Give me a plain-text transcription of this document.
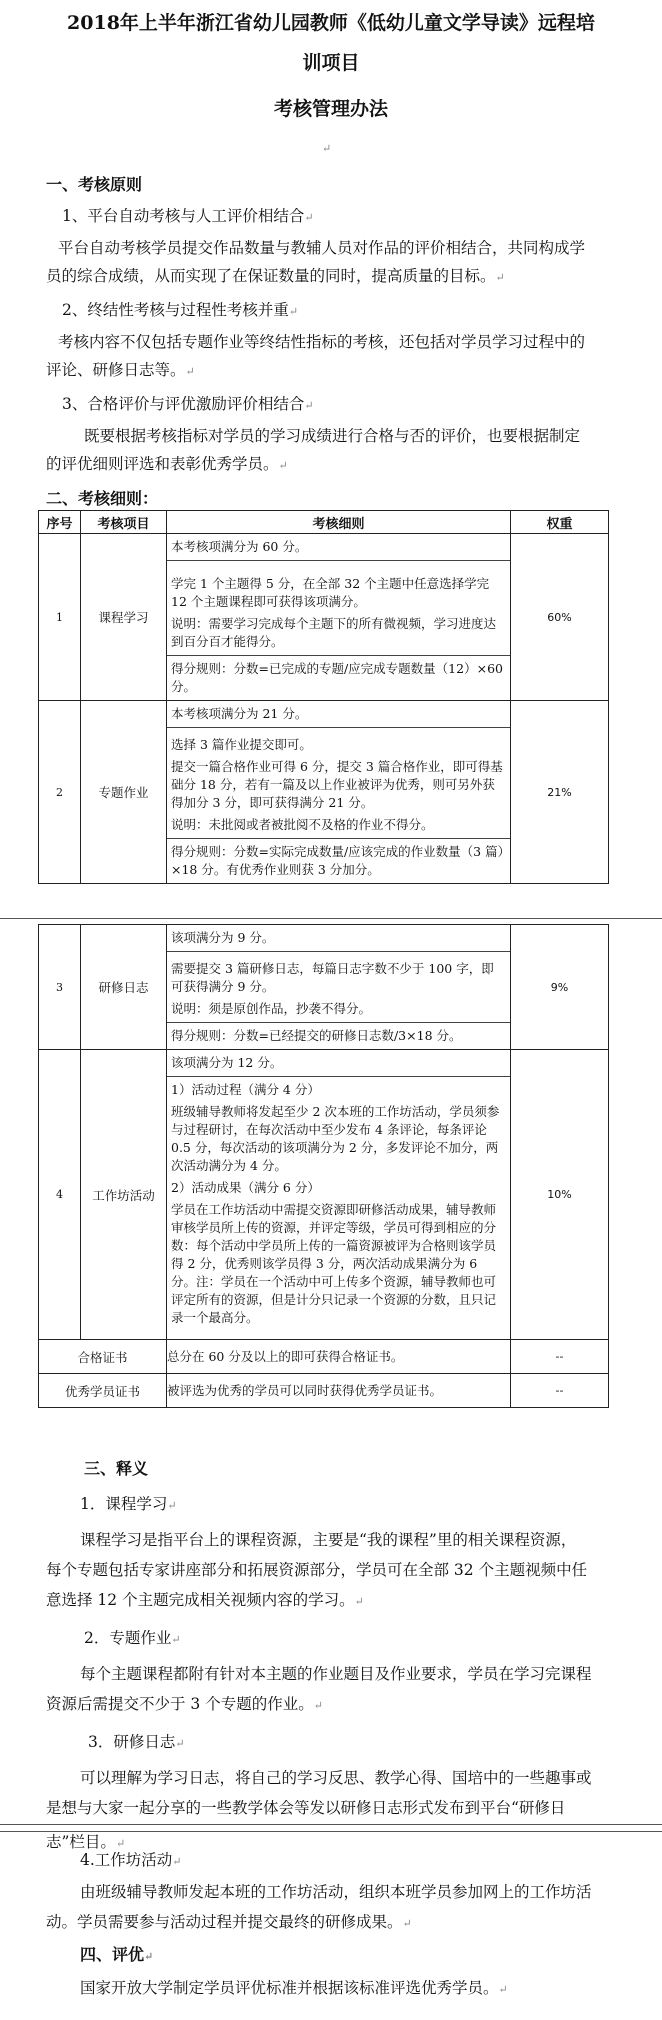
2018年上半年浙江省幼儿园教师《低幼儿童文学导读》远程培
训项目
考核管理办法
↵
一、考核原则
1、平台自动考核与人工评价相结合↵
平台自动考核学员提交作品数量与教辅人员对作品的评价相结合，共同构成学
员的综合成绩，从而实现了在保证数量的同时，提高质量的目标。↵
2、终结性考核与过程性考核并重↵
考核内容不仅包括专题作业等终结性指标的考核，还包括对学员学习过程中的
评论、研修日志等。↵
3、合格评价与评优激励评价相结合↵
既要根据考核指标对学员的学习成绩进行合格与否的评价，也要根据制定
的评优细则评选和表彰优秀学员。↵
二、考核细则：
序号	考核项目	考核细则	权重
1	课程学习	本考核项满分为 60 分。
学完 1 个主题得 5 分，在全部 32 个主题中任意选择学完 12 个主题课程即可获得该项满分。
说明：需要学习完成每个主题下的所有微视频，学习进度达到百分百才能得分。
得分规则：分数=已完成的专题/应完成专题数量（12）×60 分。	60%
2	专题作业	本考核项满分为 21 分。
选择 3 篇作业提交即可。
提交一篇合格作业可得 6 分，提交 3 篇合格作业，即可得基础分 18 分，若有一篇及以上作业被评为优秀，则可另外获得加分 3 分，即可获得满分 21 分。
说明：未批阅或者被批阅不及格的作业不得分。
得分规则：分数=实际完成数量/应该完成的作业数量（3 篇）×18 分。有优秀作业则获 3 分加分。	21%
3	研修日志	该项满分为 9 分。
需要提交 3 篇研修日志，每篇日志字数不少于 100 字，即可获得满分 9 分。
说明：须是原创作品，抄袭不得分。
得分规则：分数=已经提交的研修日志数/3×18 分。	9%
4	工作坊活动	该项满分为 12 分。
1）活动过程（满分 4 分）
班级辅导教师将发起至少 2 次本班的工作坊活动，学员须参与过程研讨，在每次活动中至少发布 4 条评论，每条评论 0.5 分，每次活动的该项满分为 2 分，多发评论不加分，两次活动满分为 4 分。
2）活动成果（满分 6 分）
学员在工作坊活动中需提交资源即研修活动成果，辅导教师审核学员所上传的资源，并评定等级，学员可得到相应的分数：每个活动中学员所上传的一篇资源被评为合格则该学员得 2 分，优秀则该学员得 3 分，两次活动成果满分为 6 分。注：学员在一个活动中可上传多个资源，辅导教师也可评定所有的资源，但是计分只记录一个资源的分数，且只记录一个最高分。	10%
合格证书		总分在 60 分及以上的即可获得合格证书。	--
优秀学员证书		被评选为优秀的学员可以同时获得优秀学员证书。	--
三、释义
1．课程学习↵
课程学习是指平台上的课程资源，主要是“我的课程”里的相关课程资源，
每个专题包括专家讲座部分和拓展资源部分，学员可在全部 32 个主题视频中任
意选择 12 个主题完成相关视频内容的学习。↵
2．专题作业↵
每个主题课程都附有针对本主题的作业题目及作业要求，学员在学习完课程
资源后需提交不少于 3 个专题的作业。↵
3．研修日志↵
可以理解为学习日志，将自己的学习反思、教学心得、国培中的一些趣事或
是想与大家一起分享的一些教学体会等发以研修日志形式发布到平台“研修日
志”栏目。↵
4.工作坊活动↵
由班级辅导教师发起本班的工作坊活动，组织本班学员参加网上的工作坊活
动。学员需要参与活动过程并提交最终的研修成果。↵
四、评优↵
国家开放大学制定学员评优标准并根据该标准评选优秀学员。↵
